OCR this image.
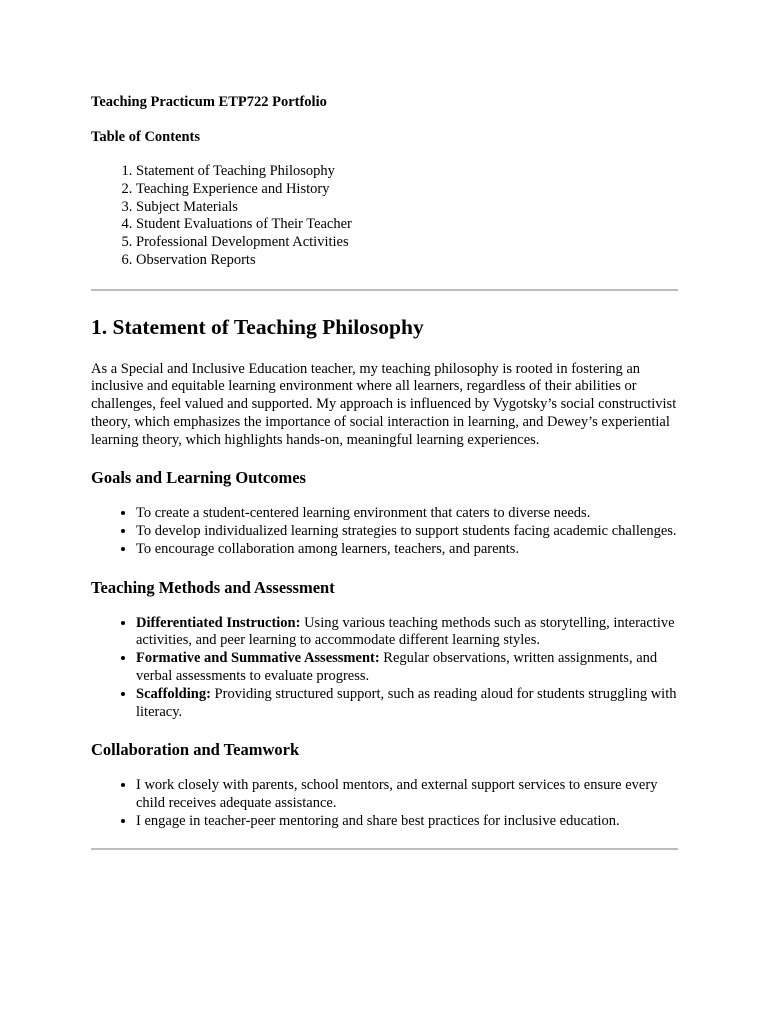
Teaching Practicum ETP722 Portfolio

Table of Contents

1. Statement of Teaching Philosophy
2. Teaching Experience and History
3. Subject Materials
4. Student Evaluations of Their Teacher
5. Professional Development Activities
6. Observation Reports
1. Statement of Teaching Philosophy

As a Special and Inclusive Education teacher, my teaching philosophy is rooted in fostering an inclusive and equitable learning environment where all learners, regardless of their abilities or challenges, feel valued and supported. My approach is influenced by Vygotsky’s social constructivist theory, which emphasizes the importance of social interaction in learning, and Dewey’s experiential learning theory, which highlights hands-on, meaningful learning experiences.

Goals and Learning Outcomes
• To create a student-centered learning environment that caters to diverse needs.
• To develop individualized learning strategies to support students facing academic challenges.
• To encourage collaboration among learners, teachers, and parents.
Teaching Methods and Assessment
• Differentiated Instruction: Using various teaching methods such as storytelling, interactive activities, and peer learning to accommodate different learning styles.
• Formative and Summative Assessment: Regular observations, written assignments, and verbal assessments to evaluate progress.
• Scaffolding: Providing structured support, such as reading aloud for students struggling with literacy.
Collaboration and Teamwork
• I work closely with parents, school mentors, and external support services to ensure every child receives adequate assistance.
• I engage in teacher-peer mentoring and share best practices for inclusive education.
